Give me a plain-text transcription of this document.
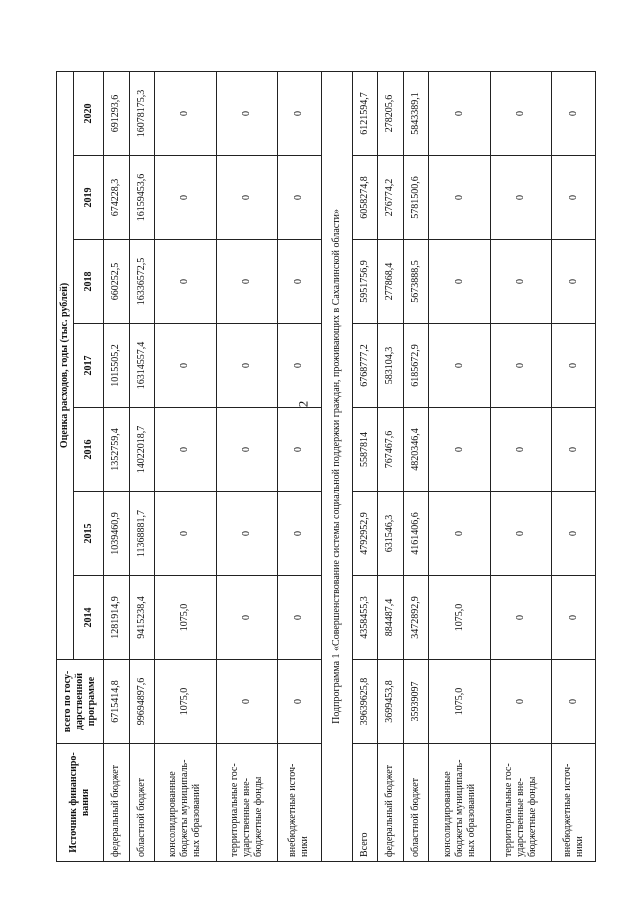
2
Источник финансиро- вания	всего по госу- дарственной программе	Оценка расходов, годы (тыс. рублей)						
		2014	2015	2016	2017	2018	2019	2020
федеральный бюджет	6715414,8	1281914,9	1039460,9	1352759,4	1015505,2	660252,5	674228,3	691293,6
областной бюджет	99694897,6	9415238,4	11368881,7	14022018,7	16314557,4	16336572,5	16159453,6	16078175,3
консолидированные бюджеты муниципаль- ных образований	1075,0	1075,0	0	0	0	0	0	0
территориальные гос- ударственные вне- бюджетные фонды	0	0	0	0	0	0	0	0
внебюджетные источ- ники	0	0	0	0	0	0	0	0
Подпрограмма 1 «Совершенствование системы социальной поддержки граждан, проживающих в Сахалинской области»								
Всего	39639625,8	4358455,3	4792952,9	5587814	6768777,2	5951756,9	6058274,8	6121594,7
федеральный бюджет	3699453,8	884487,4	631546,3	767467,6	583104,3	277868,4	276774,2	278205,6
областной бюджет	35939097	3472892,9	4161406,6	4820346,4	6185672,9	5673888,5	5781500,6	5843389,1
консолидированные бюджеты муниципаль- ных образований	1075,0	1075,0	0	0	0	0	0	0
территориальные гос- ударственные вне- бюджетные фонды	0	0	0	0	0	0	0	0
внебюджетные источ- ники	0	0	0	0	0	0	0	0
